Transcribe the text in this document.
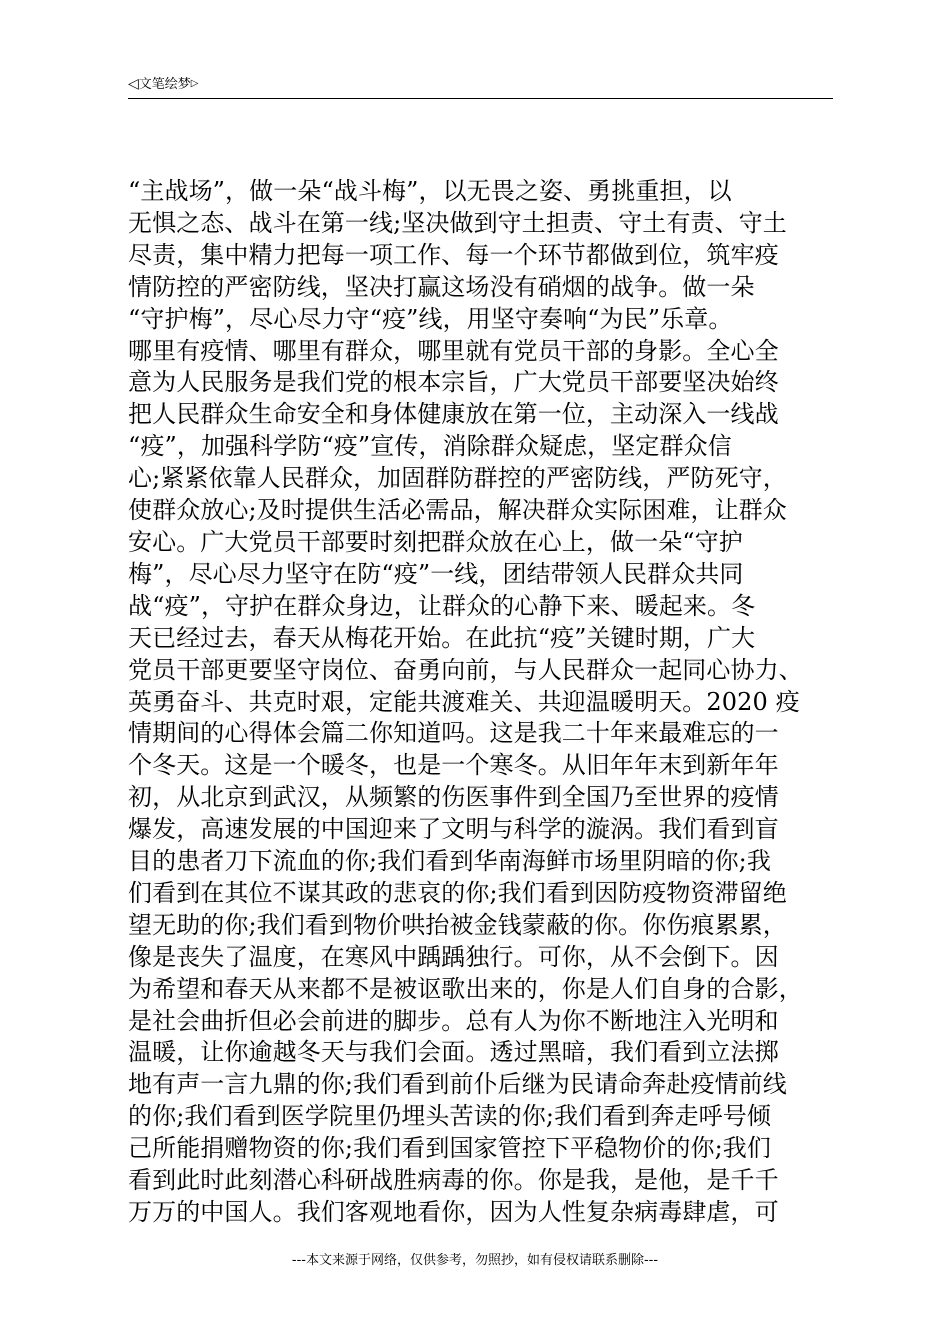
◁文笔绘梦▷
“主战场”，做一朵“战斗梅”，以无畏之姿、勇挑重担，以
无惧之态、战斗在第一线;坚决做到守土担责、守土有责、守土
尽责，集中精力把每一项工作、每一个环节都做到位，筑牢疫
情防控的严密防线，坚决打赢这场没有硝烟的战争。做一朵
“守护梅”，尽心尽力守“疫”线，用坚守奏响“为民”乐章。
哪里有疫情、哪里有群众，哪里就有党员干部的身影。全心全
意为人民服务是我们党的根本宗旨，广大党员干部要坚决始终
把人民群众生命安全和身体健康放在第一位，主动深入一线战
“疫”，加强科学防“疫”宣传，消除群众疑虑，坚定群众信
心;紧紧依靠人民群众，加固群防群控的严密防线，严防死守，
使群众放心;及时提供生活必需品，解决群众实际困难，让群众
安心。广大党员干部要时刻把群众放在心上，做一朵“守护
梅”，尽心尽力坚守在防“疫”一线，团结带领人民群众共同
战“疫”，守护在群众身边，让群众的心静下来、暖起来。冬
天已经过去，春天从梅花开始。在此抗“疫”关键时期，广大
党员干部更要坚守岗位、奋勇向前，与人民群众一起同心协力、
英勇奋斗、共克时艰，定能共渡难关、共迎温暖明天。2020 疫
情期间的心得体会篇二你知道吗。这是我二十年来最难忘的一
个冬天。这是一个暖冬，也是一个寒冬。从旧年年末到新年年
初，从北京到武汉，从频繁的伤医事件到全国乃至世界的疫情
爆发，高速发展的中国迎来了文明与科学的漩涡。我们看到盲
目的患者刀下流血的你;我们看到华南海鲜市场里阴暗的你;我
们看到在其位不谋其政的悲哀的你;我们看到因防疫物资滞留绝
望无助的你;我们看到物价哄抬被金钱蒙蔽的你。你伤痕累累，
像是丧失了温度，在寒风中踽踽独行。可你，从不会倒下。因
为希望和春天从来都不是被讴歌出来的，你是人们自身的合影，
是社会曲折但必会前进的脚步。总有人为你不断地注入光明和
温暖，让你逾越冬天与我们会面。透过黑暗，我们看到立法掷
地有声一言九鼎的你;我们看到前仆后继为民请命奔赴疫情前线
的你;我们看到医学院里仍埋头苦读的你;我们看到奔走呼号倾
己所能捐赠物资的你;我们看到国家管控下平稳物价的你;我们
看到此时此刻潜心科研战胜病毒的你。你是我，是他，是千千
万万的中国人。我们客观地看你，因为人性复杂病毒肆虐，可
---本文来源于网络，仅供参考，勿照抄，如有侵权请联系删除---
